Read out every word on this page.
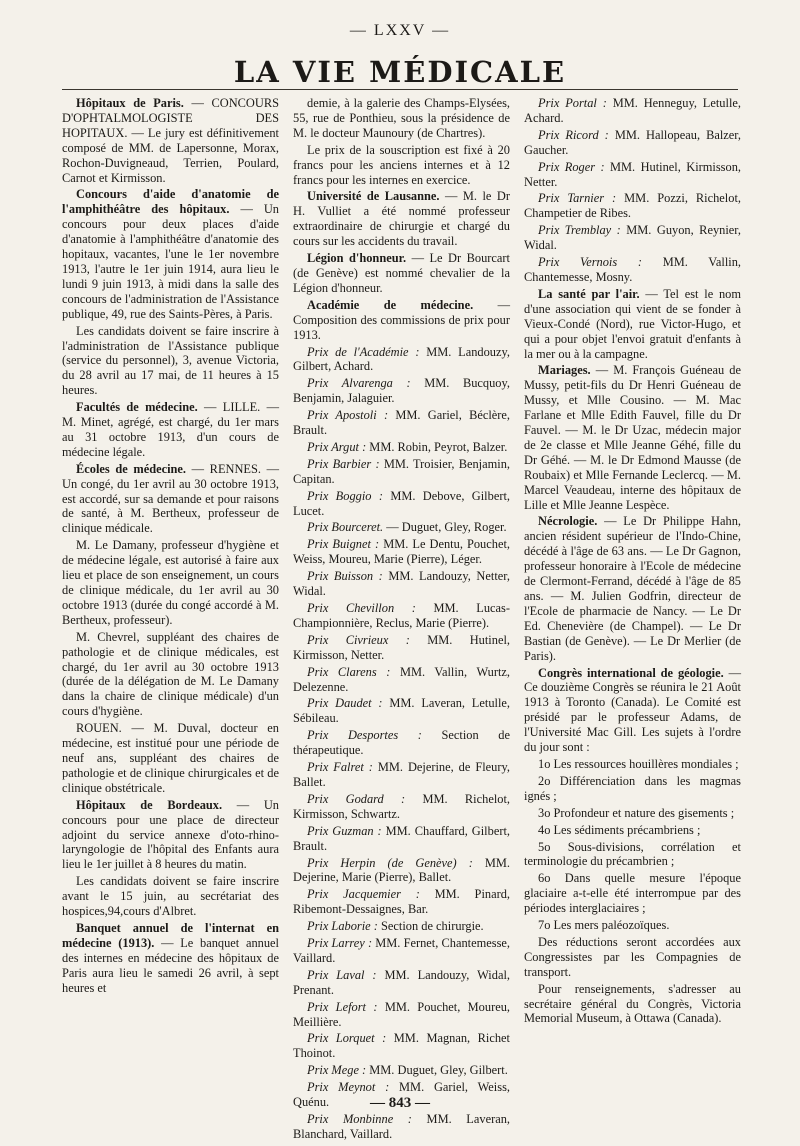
— LXXV —
LA VIE MÉDICALE

Hôpitaux de Paris. — CONCOURS D'OPHTALMOLOGISTE DES HOPITAUX. — Le jury est définitivement composé de MM. de Lapersonne, Morax, Rochon-Duvigneaud, Terrien, Poulard, Carnot et Kirmisson.

Concours d'aide d'anatomie de l'amphithéâtre des hôpitaux. — Un concours pour deux places d'aide d'anatomie à l'amphithéâtre d'anatomie des hopitaux, vacantes, l'une le 1er novembre 1913, l'autre le 1er juin 1914, aura lieu le lundi 9 juin 1913, à midi dans la salle des concours de l'administration de l'Assistance publique, 49, rue des Saints-Pères, à Paris.

Les candidats doivent se faire inscrire à l'administration de l'Assistance publique (service du personnel), 3, avenue Victoria, du 28 avril au 17 mai, de 11 heures à 15 heures.

Facultés de médecine. — LILLE. — M. Minet, agrégé, est chargé, du 1er mars au 31 octobre 1913, d'un cours de médecine légale.

Écoles de médecine. — RENNES. — Un congé, du 1er avril au 30 octobre 1913, est accordé, sur sa demande et pour raisons de santé, à M. Bertheux, professeur de clinique médicale.

M. Le Damany, professeur d'hygiène et de médecine légale, est autorisé à faire aux lieu et place de son enseignement, un cours de clinique médicale, du 1er avril au 30 octobre 1913 (durée du congé accordé à M. Bertheux, professeur).

M. Chevrel, suppléant des chaires de pathologie et de clinique médicales, est chargé, du 1er avril au 30 octobre 1913 (durée de la délégation de M. Le Damany dans la chaire de clinique médicale) d'un cours d'hygiène.

ROUEN. — M. Duval, docteur en médecine, est institué pour une période de neuf ans, suppléant des chaires de pathologie et de clinique chirurgicales et de clinique obstétricale.

Hôpitaux de Bordeaux. — Un concours pour une place de directeur adjoint du service annexe d'oto-rhino-laryngologie de l'hôpital des Enfants aura lieu le 1er juillet à 8 heures du matin.

Les candidats doivent se faire inscrire avant le 15 juin, au secrétariat des hospices,94,cours d'Albret.

Banquet annuel de l'internat en médecine (1913). — Le banquet annuel des internes en médecine des hôpitaux de Paris aura lieu le samedi 26 avril, à sept heures et

demie, à la galerie des Champs-Elysées, 55, rue de Ponthieu, sous la présidence de M. le docteur Maunoury (de Chartres).

Le prix de la souscription est fixé à 20 francs pour les anciens internes et à 12 francs pour les internes en exercice.

Université de Lausanne. — M. le Dr H. Vulliet a été nommé professeur extraordinaire de chirurgie et chargé du cours sur les accidents du travail.

Légion d'honneur. — Le Dr Bourcart (de Genève) est nommé chevalier de la Légion d'honneur.

Académie de médecine. — Composition des commissions de prix pour 1913.

Prix de l'Académie : MM. Landouzy, Gilbert, Achard.

Prix Alvarenga : MM. Bucquoy, Benjamin, Jalaguier.

Prix Apostoli : MM. Gariel, Béclère, Brault.

Prix Argut : MM. Robin, Peyrot, Balzer.

Prix Barbier : MM. Troisier, Benjamin, Capitan.

Prix Boggio : MM. Debove, Gilbert, Lucet.

Prix Bourceret. — Duguet, Gley, Roger.

Prix Buignet : MM. Le Dentu, Pouchet, Weiss, Moureu, Marie (Pierre), Léger.

Prix Buisson : MM. Landouzy, Netter, Widal.

Prix Chevillon : MM. Lucas-Championnière, Reclus, Marie (Pierre).

Prix Civrieux : MM. Hutinel, Kirmisson, Netter.

Prix Clarens : MM. Vallin, Wurtz, Delezenne.

Prix Daudet : MM. Laveran, Letulle, Sébileau.

Prix Desportes : Section de thérapeutique.

Prix Falret : MM. Dejerine, de Fleury, Ballet.

Prix Godard : MM. Richelot, Kirmisson, Schwartz.

Prix Guzman : MM. Chauffard, Gilbert, Brault.

Prix Herpin (de Genève) : MM. Dejerine, Marie (Pierre), Ballet.

Prix Jacquemier : MM. Pinard, Ribemont-Dessaignes, Bar.

Prix Laborie : Section de chirurgie.

Prix Larrey : MM. Fernet, Chantemesse, Vaillard.

Prix Laval : MM. Landouzy, Widal, Prenant.

Prix Lefort : MM. Pouchet, Moureu, Meillière.

Prix Lorquet : MM. Magnan, Richet Thoinot.

Prix Mege : MM. Duguet, Gley, Gilbert.

Prix Meynot : MM. Gariel, Weiss, Quénu.

Prix Monbinne : MM. Laveran, Blanchard, Vaillard.

Prix Portal : MM. Henneguy, Letulle, Achard.

Prix Ricord : MM. Hallopeau, Balzer, Gaucher.

Prix Roger : MM. Hutinel, Kirmisson, Netter.

Prix Tarnier : MM. Pozzi, Richelot, Champetier de Ribes.

Prix Tremblay : MM. Guyon, Reynier, Widal.

Prix Vernois : MM. Vallin, Chantemesse, Mosny.

La santé par l'air. — Tel est le nom d'une association qui vient de se fonder à Vieux-Condé (Nord), rue Victor-Hugo, et qui a pour objet l'envoi gratuit d'enfants à la mer ou à la campagne.

Mariages. — M. François Guéneau de Mussy, petit-fils du Dr Henri Guéneau de Mussy, et Mlle Cousino. — M. Mac Farlane et Mlle Edith Fauvel, fille du Dr Fauvel. — M. le Dr Uzac, médecin major de 2e classe et Mlle Jeanne Géhé, fille du Dr Géhé. — M. le Dr Edmond Mausse (de Roubaix) et Mlle Fernande Leclercq. — M. Marcel Veaudeau, interne des hôpitaux de Lille et Mlle Jeanne Lespèce.

Nécrologie. — Le Dr Philippe Hahn, ancien résident supérieur de l'Indo-Chine, décédé à l'âge de 63 ans. — Le Dr Gagnon, professeur honoraire à l'Ecole de médecine de Clermont-Ferrand, décédé à l'âge de 85 ans. — M. Julien Godfrin, directeur de l'Ecole de pharmacie de Nancy. — Le Dr Ed. Chenevière (de Champel). — Le Dr Bastian (de Genève). — Le Dr Merlier (de Paris).

Congrès international de géologie. — Ce douzième Congrès se réunira le 21 Août 1913 à Toronto (Canada). Le Comité est présidé par le professeur Adams, de l'Université Mac Gill. Les sujets à l'ordre du jour sont :

1o Les ressources houillères mondiales ;

2o Différenciation dans les magmas ignés ;

3o Profondeur et nature des gisements ;

4o Les sédiments précambriens ;

5o Sous-divisions, corrélation et terminologie du précambrien ;

6o Dans quelle mesure l'époque glaciaire a-t-elle été interrompue par des périodes interglaciaires ;

7o Les mers paléozoïques.

Des réductions seront accordées aux Congressistes par les Compagnies de transport.

Pour renseignements, s'adresser au secrétaire général du Congrès, Victoria Memorial Museum, à Ottawa (Canada).

— 843 —
